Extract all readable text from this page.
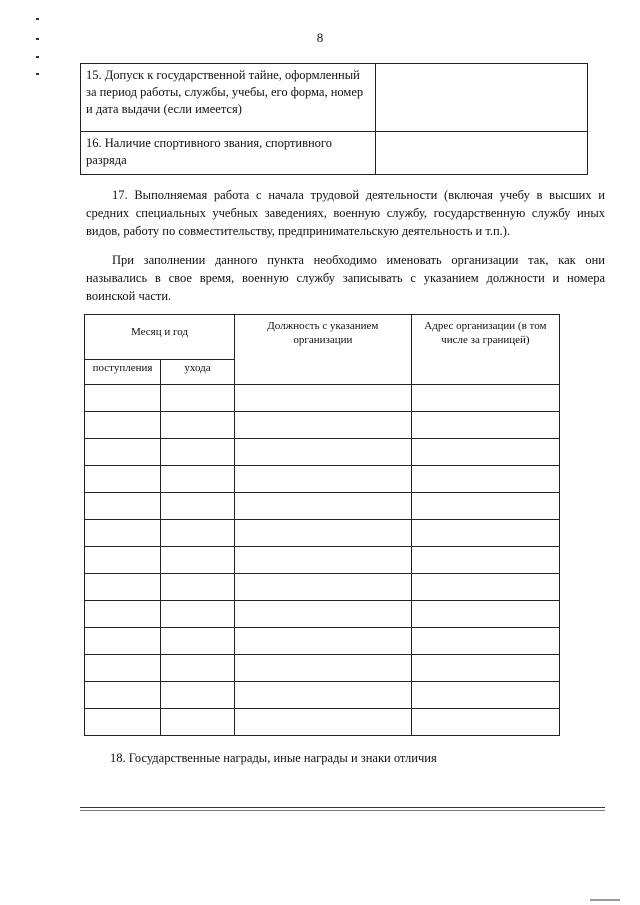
8
15. Допуск к государственной тайне, оформленный за период работы, службы, учебы, его форма, номер и дата выдачи (если имеется)	
16. Наличие спортивного звания, спортивного разряда	

17. Выполняемая работа с начала трудовой деятельности (включая учебу в высших и средних специальных учебных заведениях, военную службу, государственную службу иных видов, работу по совместительству, предпринимательскую деятельность и т.п.).

При заполнении данного пункта необходимо именовать организации так, как они назывались в свое время, военную службу записывать с указанием должности и номера воинской части.

Месяц и год		Должность с указанием организации	Адрес организации (в том числе за границей)
поступления	ухода		

18. Государственные награды, иные награды и знаки отличия
